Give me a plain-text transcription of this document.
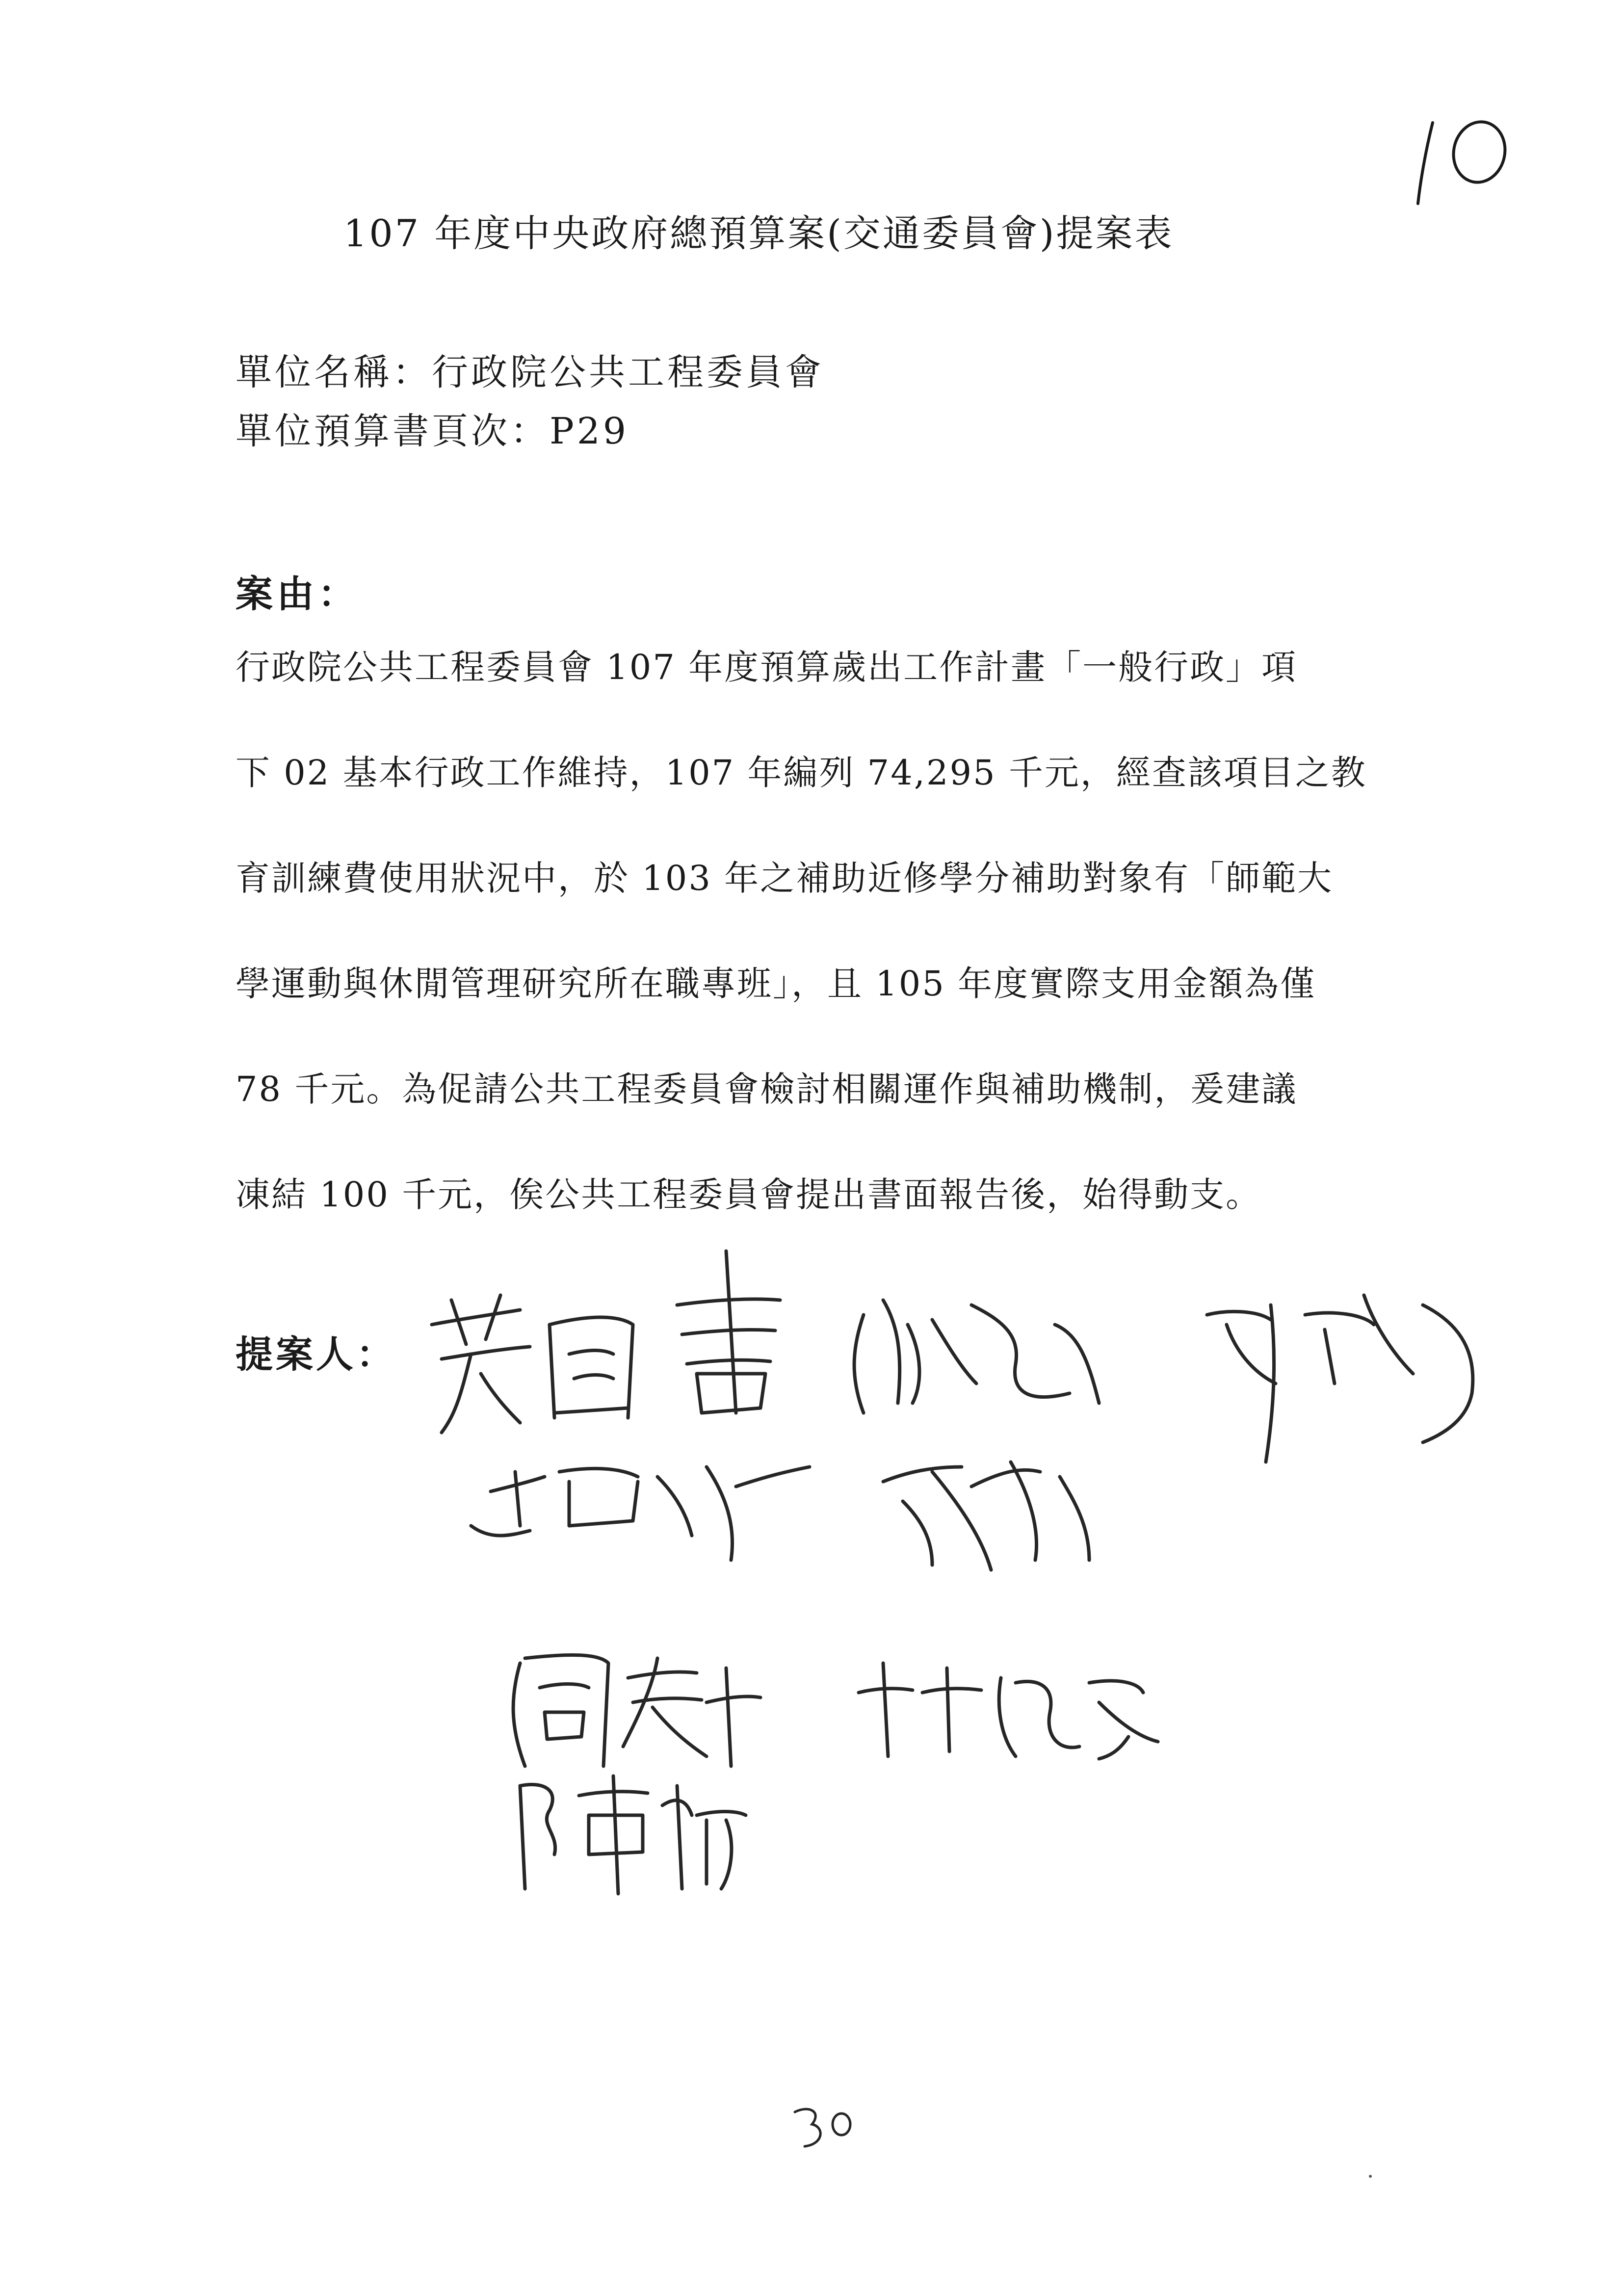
107 年度中央政府總預算案(交通委員會)提案表
單位名稱：行政院公共工程委員會
單位預算書頁次：P29
案由：
行政院公共工程委員會 107 年度預算歲出工作計畫「一般行政」項
下 02 基本行政工作維持，107 年編列 74,295 千元，經查該項目之教
育訓練費使用狀況中，於 103 年之補助近修學分補助對象有「師範大
學運動與休閒管理研究所在職專班」，且 105 年度實際支用金額為僅
78 千元。為促請公共工程委員會檢討相關運作與補助機制，爰建議
凍結 100 千元，俟公共工程委員會提出書面報告後，始得動支。
提案人：
